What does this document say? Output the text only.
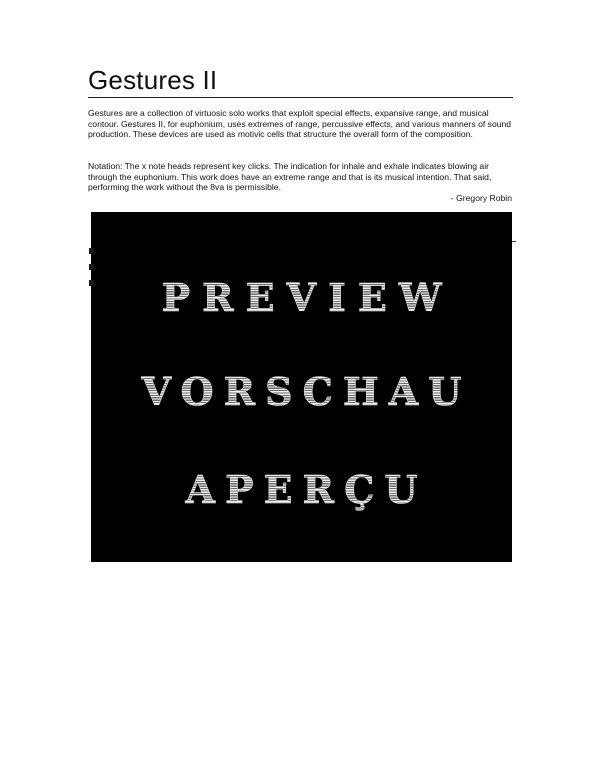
Gestures II

Gestures are a collection of virtuosic solo works that exploit special effects, expansive range, and musical contour. Gestures II, for euphonium, uses extremes of range, percussive effects, and various manners of sound production. These devices are used as motivic cells that structure the overall form of the composition.

Notation: The x note heads represent key clicks. The indication for inhale and exhale indicates blowing air through the euphonium. This work does have an extreme range and that is its musical intention. That said, performing the work without the 8va is permissible.

- Gregory Robin
PREVIEW
VORSCHAU
APERÇU
